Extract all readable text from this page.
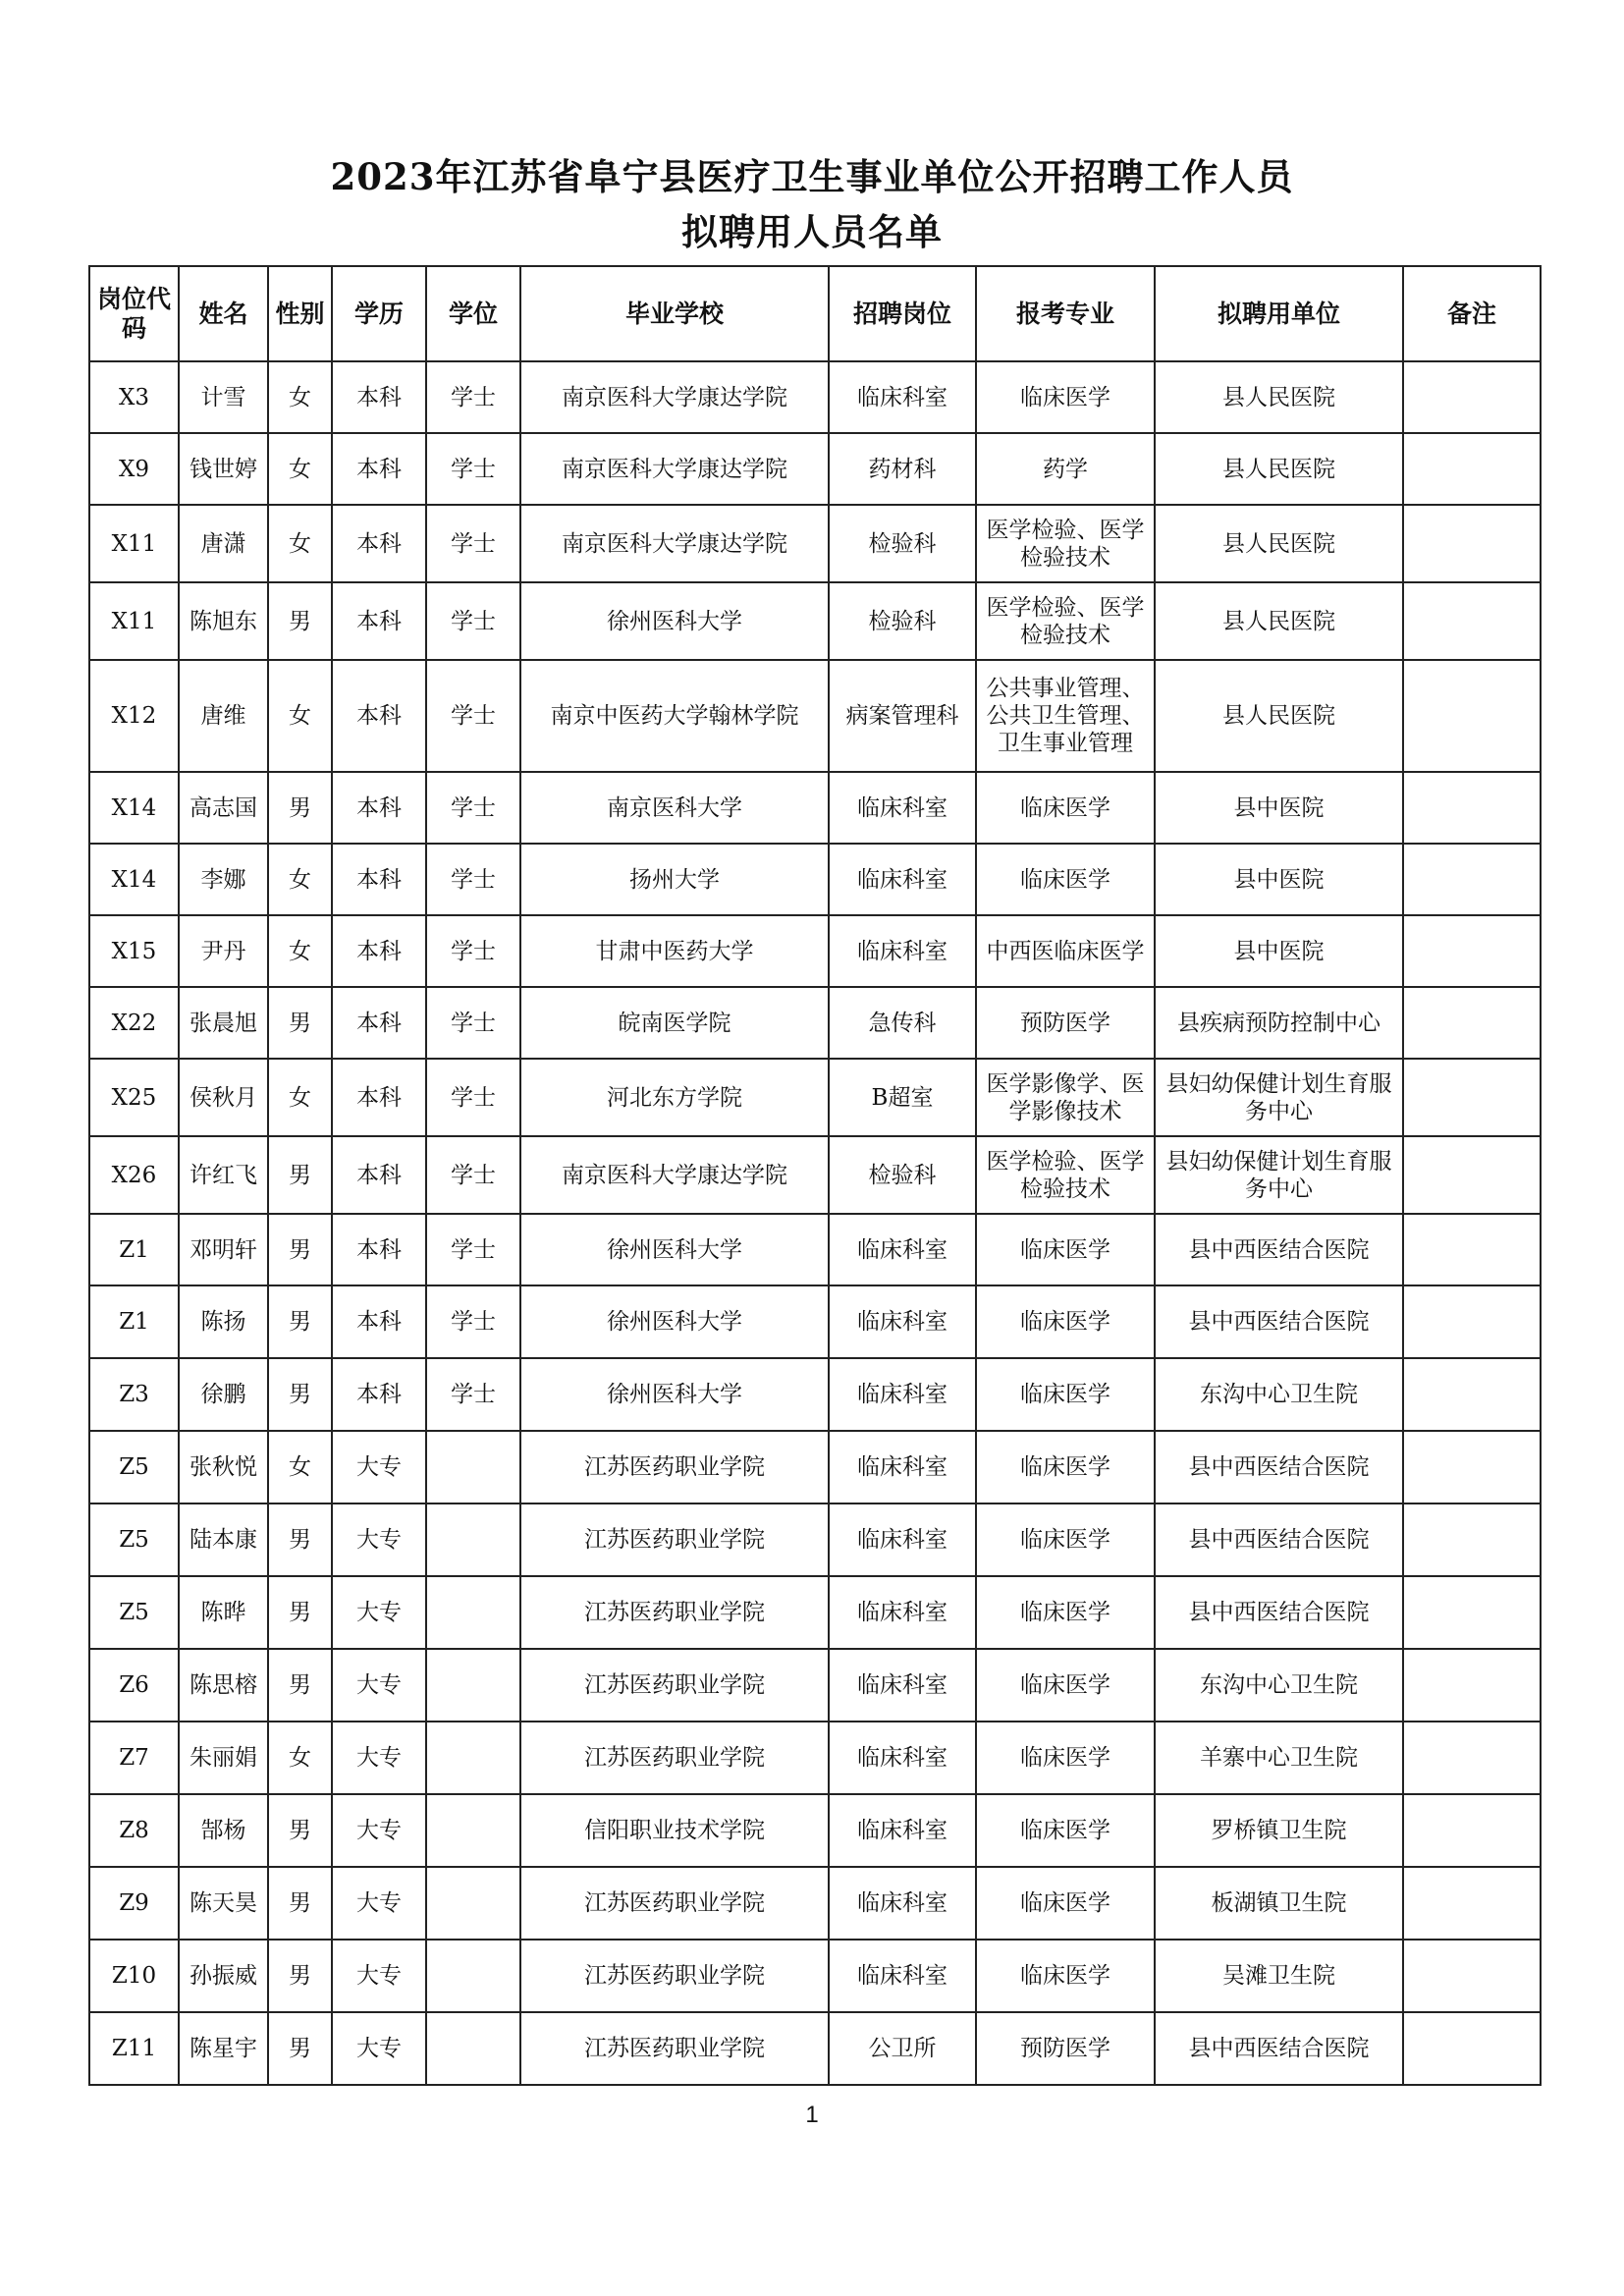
2023年江苏省阜宁县医疗卫生事业单位公开招聘工作人员
拟聘用人员名单
岗位代码	姓名	性别	学历	学位	毕业学校	招聘岗位	报考专业	拟聘用单位	备注
X3	计雪	女	本科	学士	南京医科大学康达学院	临床科室	临床医学	县人民医院	
X9	钱世婷	女	本科	学士	南京医科大学康达学院	药材科	药学	县人民医院	
X11	唐潇	女	本科	学士	南京医科大学康达学院	检验科	医学检验、医学检验技术	县人民医院	
X11	陈旭东	男	本科	学士	徐州医科大学	检验科	医学检验、医学检验技术	县人民医院	
X12	唐维	女	本科	学士	南京中医药大学翰林学院	病案管理科	公共事业管理、公共卫生管理、卫生事业管理	县人民医院	
X14	高志国	男	本科	学士	南京医科大学	临床科室	临床医学	县中医院	
X14	李娜	女	本科	学士	扬州大学	临床科室	临床医学	县中医院	
X15	尹丹	女	本科	学士	甘肃中医药大学	临床科室	中西医临床医学	县中医院	
X22	张晨旭	男	本科	学士	皖南医学院	急传科	预防医学	县疾病预防控制中心	
X25	侯秋月	女	本科	学士	河北东方学院	B超室	医学影像学、医学影像技术	县妇幼保健计划生育服务中心	
X26	许红飞	男	本科	学士	南京医科大学康达学院	检验科	医学检验、医学检验技术	县妇幼保健计划生育服务中心	
Z1	邓明轩	男	本科	学士	徐州医科大学	临床科室	临床医学	县中西医结合医院	
Z1	陈扬	男	本科	学士	徐州医科大学	临床科室	临床医学	县中西医结合医院	
Z3	徐鹏	男	本科	学士	徐州医科大学	临床科室	临床医学	东沟中心卫生院	
Z5	张秋悦	女	大专		江苏医药职业学院	临床科室	临床医学	县中西医结合医院	
Z5	陆本康	男	大专		江苏医药职业学院	临床科室	临床医学	县中西医结合医院	
Z5	陈晔	男	大专		江苏医药职业学院	临床科室	临床医学	县中西医结合医院	
Z6	陈思榕	男	大专		江苏医药职业学院	临床科室	临床医学	东沟中心卫生院	
Z7	朱丽娟	女	大专		江苏医药职业学院	临床科室	临床医学	羊寨中心卫生院	
Z8	郜杨	男	大专		信阳职业技术学院	临床科室	临床医学	罗桥镇卫生院	
Z9	陈天昊	男	大专		江苏医药职业学院	临床科室	临床医学	板湖镇卫生院	
Z10	孙振威	男	大专		江苏医药职业学院	临床科室	临床医学	吴滩卫生院	
Z11	陈星宇	男	大专		江苏医药职业学院	公卫所	预防医学	县中西医结合医院	
1
